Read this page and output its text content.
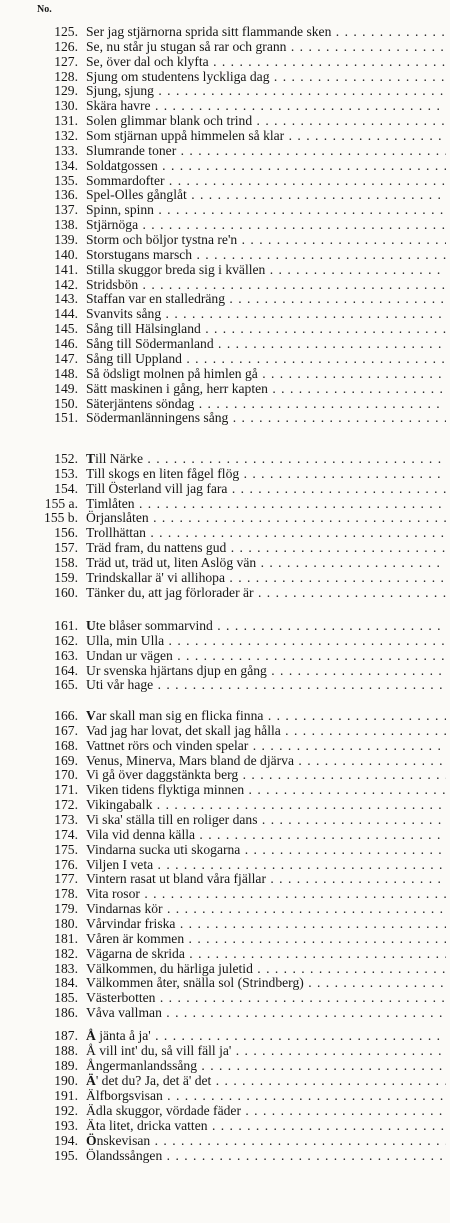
No.
125. Ser jag stjärnorna sprida sitt flammande sken . . .
126. Se, nu står ju stugan så rar och grann . . .
127. Se, över dal och klyfta . . .
128. Sjung om studentens lyckliga dag . . .
129. Sjung, sjung . . .
130. Skära havre . . .
131. Solen glimmar blank och trind . . .
132. Som stjärnan uppå himmelen så klar . . .
133. Slumrande toner . . .
134. Soldatgossen . . .
135. Sommardofter . . .
136. Spel-Olles gånglåt . . .
137. Spinn, spinn . . .
138. Stjärnöga . . .
139. Storm och böljor tystna re'n . . .
140. Storstugans marsch . . .
141. Stilla skuggor breda sig i kvällen . . .
142. Stridsbön . . .
143. Staffan var en stalledräng . . .
144. Svanvits sång . . .
145. Sång till Hälsingland . . .
146. Sång till Södermanland . . .
147. Sång till Uppland . . .
148. Så ödsligt molnen på himlen gå . . .
149. Sätt maskinen i gång, herr kapten . . .
150. Säterjäntens söndag . . .
151. Södermanlänningens sång . . .
152. Till Närke . . .
153. Till skogs en liten fågel flög . . .
154. Till Österland vill jag fara . . .
155 a. Timlåten . . .
155 b. Örjanslåten . . .
156. Trollhättan . . .
157. Träd fram, du nattens gud . . .
158. Träd ut, träd ut, liten Aslög vän . . .
159. Trindskallar ä' vi allihopa . . .
160. Tänker du, att jag förlorader är . . .
161. Ute blåser sommarvind . . .
162. Ulla, min Ulla . . .
163. Undan ur vägen . . .
164. Ur svenska hjärtans djup en gång . . .
165. Uti vår hage . . .
166. Var skall man sig en flicka finna . . .
167. Vad jag har lovat, det skall jag hålla . . .
168. Vattnet rörs och vinden spelar . . .
169. Venus, Minerva, Mars bland de djärva . . .
170. Vi gå över daggstänkta berg . . .
171. Viken tidens flyktiga minnen . . .
172. Vikingabalk . . .
173. Vi ska' ställa till en roliger dans . . .
174. Vila vid denna källa . . .
175. Vindarna sucka uti skogarna . . .
176. Viljen I veta . . .
177. Vintern rasat ut bland våra fjällar . . .
178. Vita rosor . . .
179. Vindarnas kör . . .
180. Vårvindar friska . . .
181. Våren är kommen . . .
182. Vägarna de skrida . . .
183. Välkommen, du härliga juletid . . .
184. Välkommen åter, snälla sol (Strindberg) . . .
185. Västerbotten . . .
186. Våva vallman . . .
187. Å jänta å ja' . . .
188. Å vill int' du, så vill fäll ja' . . .
189. Ångermanlandssång . . .
190. Ä' det du? Ja, det ä' det . . .
191. Älfborgsvisan . . .
192. Ädla skuggor, vördade fäder . . .
193. Äta litet, dricka vatten . . .
194. Önskevisan . . .
195. Ölandssången . . .
